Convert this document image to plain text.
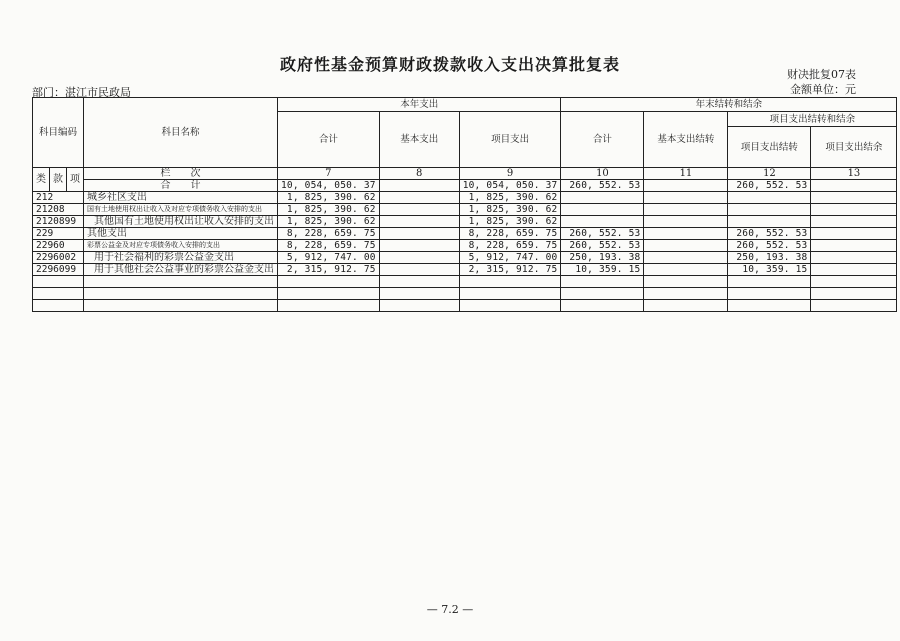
政府性基金预算财政拨款收入支出决算批复表
财决批复07表
金额单位：元
部门：湛江市民政局
科目编码			科目名称	本年支出			年末结转和结余			
				合计	基本支出	项目支出	合计	基本支出结转	项目支出结转和结余	
									项目支出结转	项目支出结余
类	款	项	栏　　次	7	8	9	10	11	12	13
			合　　计	10, 054, 050. 37		10, 054, 050. 37	260, 552. 53		260, 552. 53	
212			城乡社区支出	1, 825, 390. 62		1, 825, 390. 62				
21208			国有土地使用权出让收入及对应专项债务收入安排的支出	1, 825, 390. 62		1, 825, 390. 62				
2120899			其他国有土地使用权出让收入安排的支出	1, 825, 390. 62		1, 825, 390. 62				
229			其他支出	8, 228, 659. 75		8, 228, 659. 75	260, 552. 53		260, 552. 53	
22960			彩票公益金及对应专项债务收入安排的支出	8, 228, 659. 75		8, 228, 659. 75	260, 552. 53		260, 552. 53	
2296002			用于社会福利的彩票公益金支出	5, 912, 747. 00		5, 912, 747. 00	250, 193. 38		250, 193. 38	
2296099			用于其他社会公益事业的彩票公益金支出	2, 315, 912. 75		2, 315, 912. 75	10, 359. 15		10, 359. 15	

— 7.2 —
